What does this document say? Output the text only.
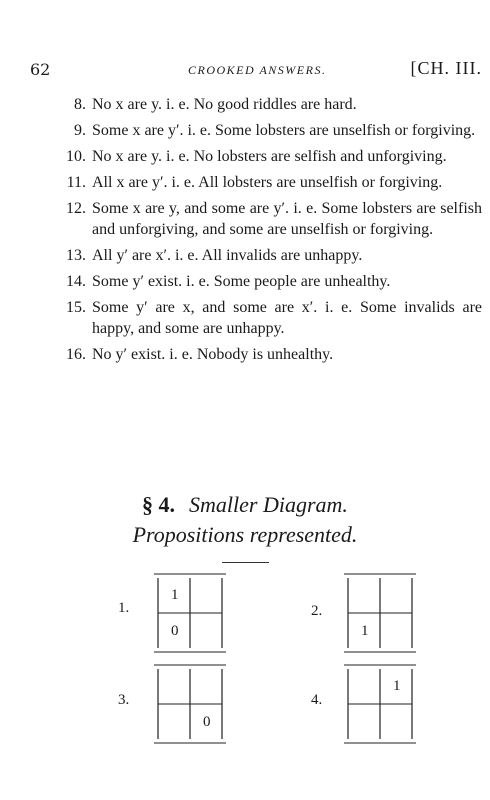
62	CROOKED ANSWERS.	[CH. III.
8. No x are y. i. e. No good riddles are hard.
9. Some x are y′. i. e. Some lobsters are unselfish or forgiving.
10. No x are y. i. e. No lobsters are selfish and unforgiving.
11. All x are y′. i. e. All lobsters are unselfish or forgiving.
12. Some x are y, and some are y′. i. e. Some lobsters are selfish and unforgiving, and some are unselfish or forgiving.
13. All y′ are x′. i. e. All invalids are unhappy.
14. Some y′ exist. i. e. Some people are unhealthy.
15. Some y′ are x, and some are x′. i. e. Some invalids are happy, and some are unhappy.
16. No y′ exist. i. e. Nobody is unhealthy.
§ 4. Smaller Diagram.
Propositions represented.
1.
1
0
2.
1
3.
0
4.
1
